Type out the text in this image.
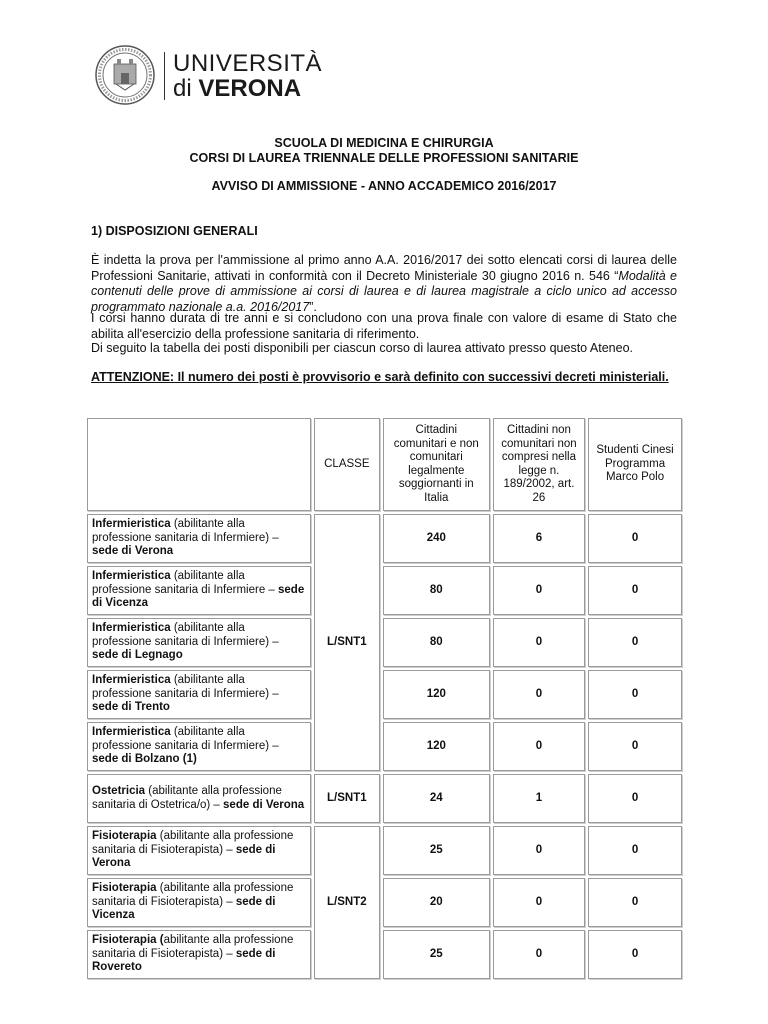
UNIVERSITÀ
di VERONA
SCUOLA DI MEDICINA E CHIRURGIA
CORSI DI LAUREA TRIENNALE DELLE PROFESSIONI SANITARIE
AVVISO DI AMMISSIONE - ANNO ACCADEMICO 2016/2017
1) DISPOSIZIONI GENERALI
È indetta la prova per l'ammissione al primo anno A.A. 2016/2017 dei sotto elencati corsi di laurea delle Professioni Sanitarie, attivati in conformità con il Decreto Ministeriale 30 giugno 2016 n. 546 “Modalità e contenuti delle prove di ammissione ai corsi di laurea e di laurea magistrale a ciclo unico ad accesso programmato nazionale a.a. 2016/2017”.
I corsi hanno durata di tre anni e si concludono con una prova finale con valore di esame di Stato che abilita all'esercizio della professione sanitaria di riferimento.
Di seguito la tabella dei posti disponibili per ciascun corso di laurea attivato presso questo Ateneo.
ATTENZIONE: Il numero dei posti è provvisorio e sarà definito con successivi decreti ministeriali.
	CLASSE	Cittadini comunitari e non comunitari legalmente soggiornanti in Italia	Cittadini non comunitari non compresi nella legge n. 189/2002, art. 26	Studenti Cinesi Programma Marco Polo
Infermieristica (abilitante alla professione sanitaria di Infermiere) – sede di Verona	L/SNT1	240	6	0
Infermieristica (abilitante alla professione sanitaria di Infermiere – sede di Vicenza		80	0	0
Infermieristica (abilitante alla professione sanitaria di Infermiere) – sede di Legnago		80	0	0
Infermieristica (abilitante alla professione sanitaria di Infermiere) – sede di Trento		120	0	0
Infermieristica (abilitante alla professione sanitaria di Infermiere) – sede di Bolzano (1)		120	0	0
Ostetricia (abilitante alla professione sanitaria di Ostetrica/o) – sede di Verona	L/SNT1	24	1	0
Fisioterapia (abilitante alla professione sanitaria di Fisioterapista) – sede di Verona	L/SNT2	25	0	0
Fisioterapia (abilitante alla professione sanitaria di Fisioterapista) – sede di Vicenza		20	0	0
Fisioterapia (abilitante alla professione sanitaria di Fisioterapista) – sede di Rovereto		25	0	0
